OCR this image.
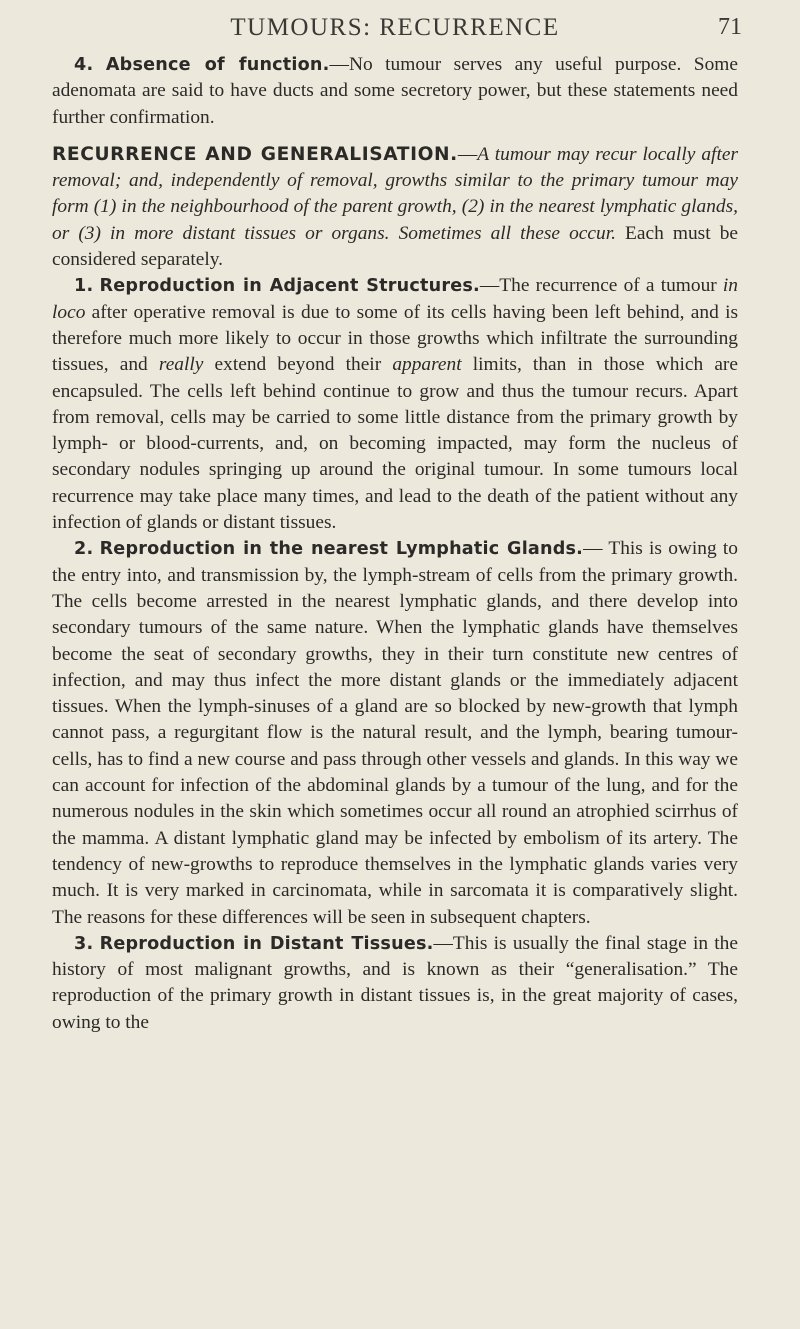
TUMOURS: RECURRENCE	71

4. Absence of function.—No tumour serves any useful purpose. Some adenomata are said to have ducts and some secretory power, but these statements need further confirmation.

RECURRENCE AND GENERALISATION.—A tumour may recur locally after removal; and, independently of removal, growths similar to the primary tumour may form (1) in the neighbourhood of the parent growth, (2) in the nearest lymphatic glands, or (3) in more distant tissues or organs. Sometimes all these occur. Each must be considered separately.

1. Reproduction in Adjacent Structures.—The recurrence of a tumour in loco after operative removal is due to some of its cells having been left behind, and is therefore much more likely to occur in those growths which infiltrate the surrounding tissues, and really extend beyond their apparent limits, than in those which are encapsuled. The cells left behind continue to grow and thus the tumour recurs. Apart from removal, cells may be carried to some little distance from the primary growth by lymph- or blood-currents, and, on becoming impacted, may form the nucleus of secondary nodules springing up around the original tumour. In some tumours local recurrence may take place many times, and lead to the death of the patient without any infection of glands or distant tissues.

2. Reproduction in the nearest Lymphatic Glands.— This is owing to the entry into, and transmission by, the lymph-stream of cells from the primary growth. The cells become arrested in the nearest lymphatic glands, and there develop into secondary tumours of the same nature. When the lymphatic glands have themselves become the seat of secondary growths, they in their turn constitute new centres of infection, and may thus infect the more distant glands or the immediately adjacent tissues. When the lymph-sinuses of a gland are so blocked by new-growth that lymph cannot pass, a regurgitant flow is the natural result, and the lymph, bearing tumour-cells, has to find a new course and pass through other vessels and glands. In this way we can account for infection of the abdominal glands by a tumour of the lung, and for the numerous nodules in the skin which sometimes occur all round an atrophied scirrhus of the mamma. A distant lymphatic gland may be infected by embolism of its artery. The tendency of new-growths to reproduce themselves in the lymphatic glands varies very much. It is very marked in carcinomata, while in sarcomata it is comparatively slight. The reasons for these differences will be seen in subsequent chapters.

3. Reproduction in Distant Tissues.—This is usually the final stage in the history of most malignant growths, and is known as their “generalisation.” The reproduction of the primary growth in distant tissues is, in the great majority of cases, owing to the
